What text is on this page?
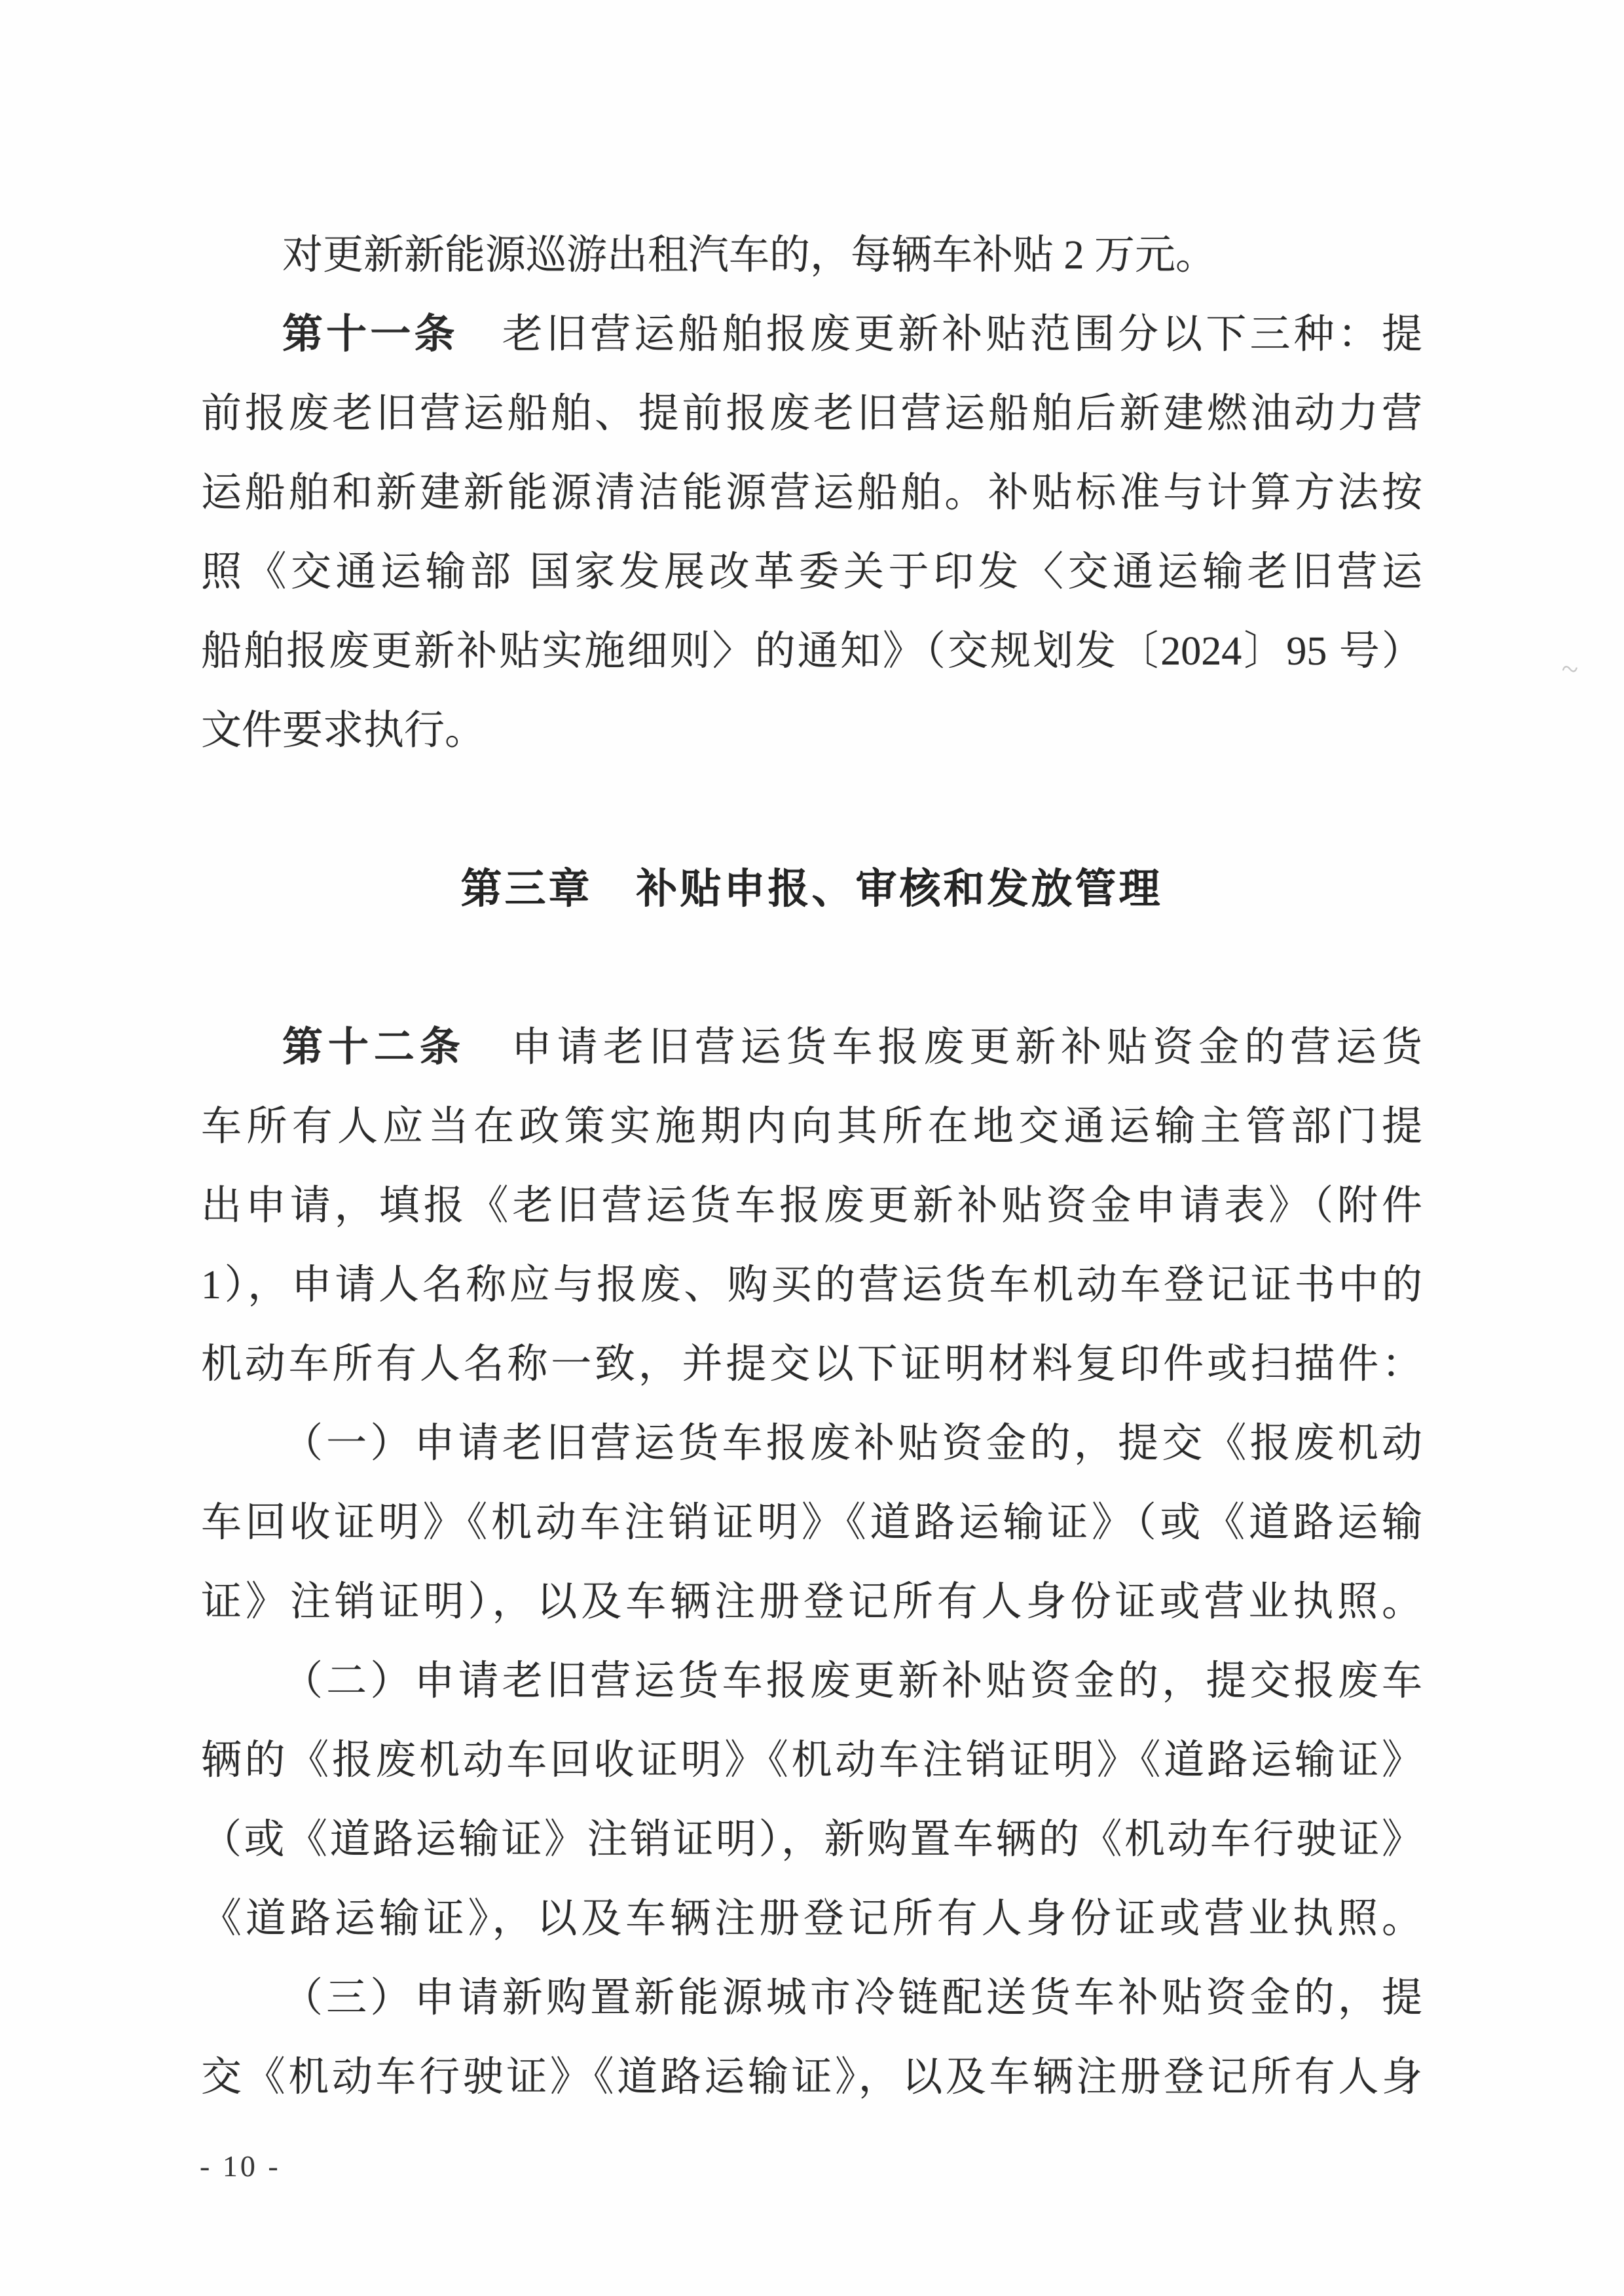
对更新新能源巡游出租汽车的，每辆车补贴 2 万元。
第十一条　老旧营运船舶报废更新补贴范围分以下三种：提
前报废老旧营运船舶、提前报废老旧营运船舶后新建燃油动力营
运船舶和新建新能源清洁能源营运船舶。补贴标准与计算方法按
照《交通运输部 国家发展改革委关于印发〈交通运输老旧营运
船舶报废更新补贴实施细则〉的通知》（交规划发〔2024〕95 号）
文件要求执行。
第三章　补贴申报、审核和发放管理
第十二条　申请老旧营运货车报废更新补贴资金的营运货
车所有人应当在政策实施期内向其所在地交通运输主管部门提
出申请，填报《老旧营运货车报废更新补贴资金申请表》（附件
1），申请人名称应与报废、购买的营运货车机动车登记证书中的
机动车所有人名称一致，并提交以下证明材料复印件或扫描件：
（一）申请老旧营运货车报废补贴资金的，提交《报废机动
车回收证明》《机动车注销证明》《道路运输证》（或《道路运输
证》注销证明），以及车辆注册登记所有人身份证或营业执照。
（二）申请老旧营运货车报废更新补贴资金的，提交报废车
辆的《报废机动车回收证明》《机动车注销证明》《道路运输证》
（或《道路运输证》注销证明），新购置车辆的《机动车行驶证》
《道路运输证》，以及车辆注册登记所有人身份证或营业执照。
（三）申请新购置新能源城市冷链配送货车补贴资金的，提
交《机动车行驶证》《道路运输证》，以及车辆注册登记所有人身
- 10 -
~
